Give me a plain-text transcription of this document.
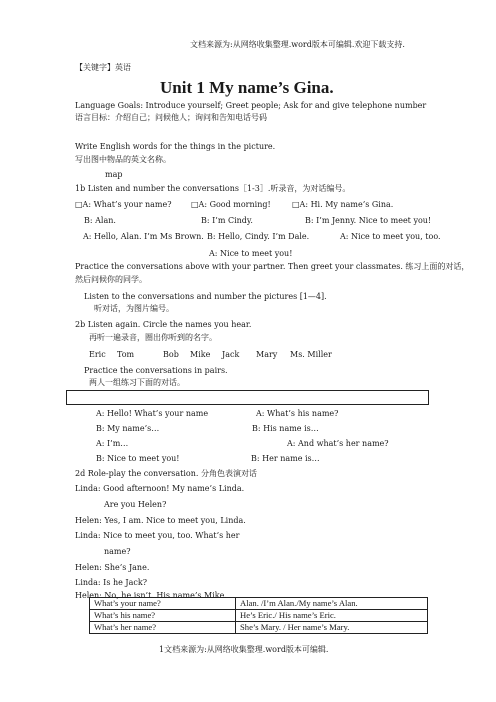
文档来源为:从网络收集整理.word版本可编辑.欢迎下载支持.
【关键字】英语
Unit 1 My name’s Gina.
Language Goals: Introduce yourself; Greet people; Ask for and give telephone number
语言目标：介绍自己；问候他人；询问和告知电话号码
Write English words for the things in the picture.
写出图中物品的英文名称。
map
1b Listen and number the conversations［1-3］.听录音，为对话编号。
□A: What’s your name? □A: Good morning!	□A: Hi. My name’s Gina.
B: Alan.	B: I’m Cindy.	B: I’m Jenny. Nice to meet you!
A: Hello, Alan. I’m Ms Brown. B: Hello, Cindy. I’m Dale.	A: Nice to meet you, too.
A: Nice to meet you!
Practice the conversations above with your partner. Then greet your classmates. 练习上面的对话，
然后问候你的同学。
Listen to the conversations and number the pictures [1—4].
听对话，为图片编号。
2b Listen again. Circle the names you hear.
再听一遍录音，圈出你听到的名字。
Eric Tom	Bob Mike Jack Mary Ms. Miller
Practice the conversations in pairs.
两人一组练习下面的对话。
A: Hello! What’s your name	A: What’s his name?
B: My name’s…	B: His name is…
A: I’m…	A: And what’s her name?
B: Nice to meet you!	B: Her name is…
2d Role-play the conversation. 分角色表演对话
Linda: Good afternoon! My name’s Linda.
Are you Helen?
Helen: Yes, I am. Nice to meet you, Linda.
Linda: Nice to meet you, too. What’s her
name?
Helen: She’s Jane.
Linda: Is he Jack?
Helen: No, he isn’t. His name’s Mike.
What’s your name?	Alan. /I’m Alan./My name’s Alan.
What’s his name?	He’s Eric./ His name’s Eric.
What’s her name?	She’s Mary. / Her name’s Mary.
1文档来源为:从网络收集整理.word版本可编辑.
